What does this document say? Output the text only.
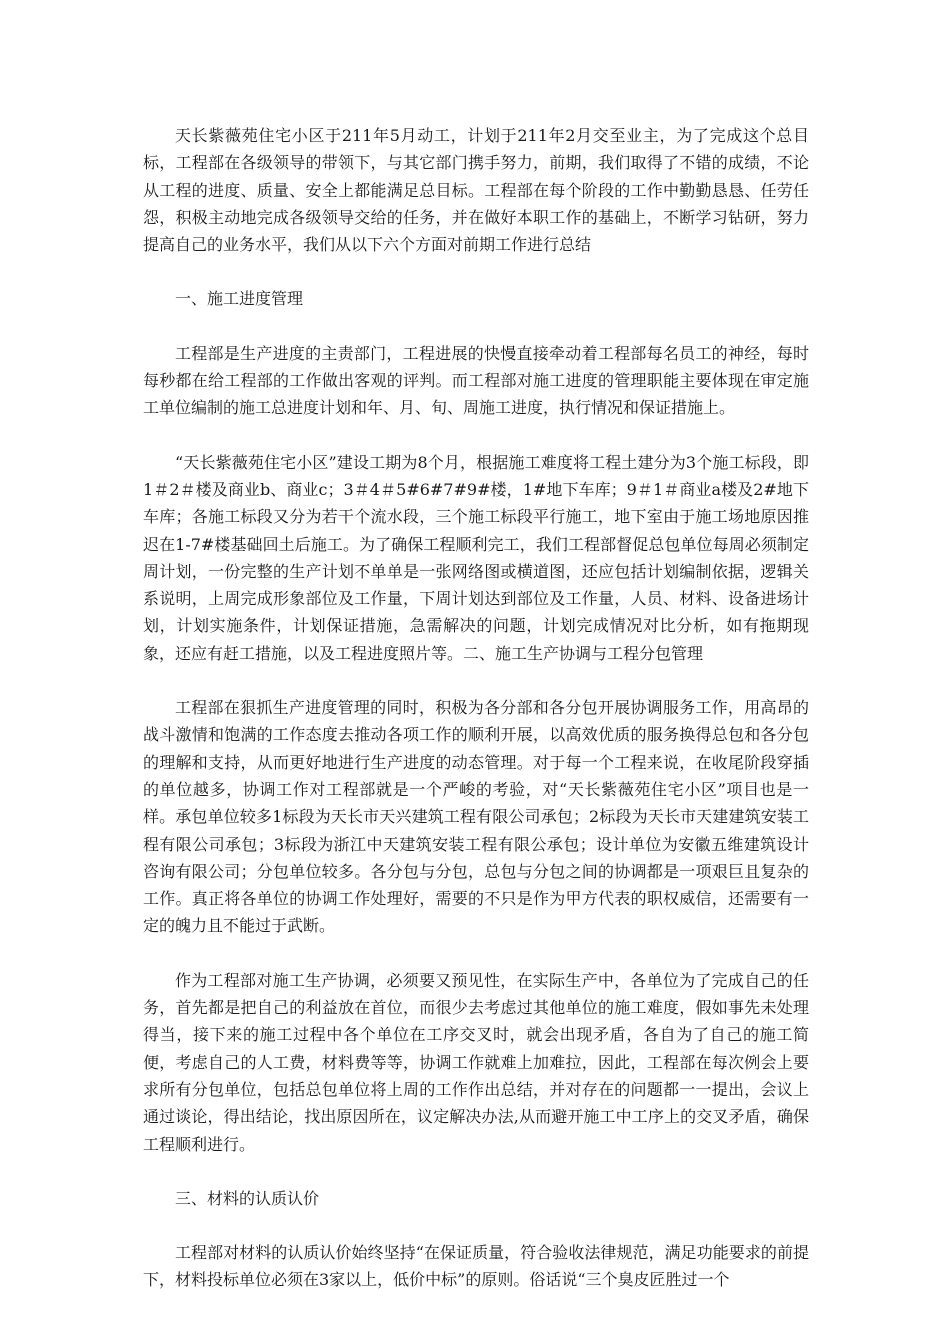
天长紫薇苑住宅小区于211年5月动工，计划于211年2月交至业主，为了完成这个总目标，工程部在各级领导的带领下，与其它部门携手努力，前期，我们取得了不错的成绩，不论从工程的进度、质量、安全上都能满足总目标。工程部在每个阶段的工作中勤勤恳恳、任劳任怨，积极主动地完成各级领导交给的任务，并在做好本职工作的基础上，不断学习钻研，努力提高自己的业务水平，我们从以下六个方面对前期工作进行总结

一、施工进度管理

工程部是生产进度的主责部门，工程进展的快慢直接牵动着工程部每名员工的神经，每时每秒都在给工程部的工作做出客观的评判。而工程部对施工进度的管理职能主要体现在审定施工单位编制的施工总进度计划和年、月、旬、周施工进度，执行情况和保证措施上。

“天长紫薇苑住宅小区”建设工期为8个月，根据施工难度将工程土建分为3个施工标段，即1＃2＃楼及商业b、商业c；3＃4＃5#6#7#9#楼，1#地下车库；9＃1＃商业a楼及2#地下车库；各施工标段又分为若干个流水段，三个施工标段平行施工，地下室由于施工场地原因推迟在1-7#楼基础回土后施工。为了确保工程顺利完工，我们工程部督促总包单位每周必须制定周计划，一份完整的生产计划不单单是一张网络图或横道图，还应包括计划编制依据，逻辑关系说明，上周完成形象部位及工作量，下周计划达到部位及工作量，人员、材料、设备进场计划，计划实施条件，计划保证措施，急需解决的问题，计划完成情况对比分析，如有拖期现象，还应有赶工措施，以及工程进度照片等。二、施工生产协调与工程分包管理

工程部在狠抓生产进度管理的同时，积极为各分部和各分包开展协调服务工作，用高昂的战斗激情和饱满的工作态度去推动各项工作的顺利开展，以高效优质的服务换得总包和各分包的理解和支持，从而更好地进行生产进度的动态管理。对于每一个工程来说，在收尾阶段穿插的单位越多，协调工作对工程部就是一个严峻的考验，对“天长紫薇苑住宅小区”项目也是一样。承包单位较多1标段为天长市天兴建筑工程有限公司承包；2标段为天长市天建建筑安装工程有限公司承包；3标段为浙江中天建筑安装工程有限公承包；设计单位为安徽五维建筑设计咨询有限公司；分包单位较多。各分包与分包，总包与分包之间的协调都是一项艰巨且复杂的工作。真正将各单位的协调工作处理好，需要的不只是作为甲方代表的职权威信，还需要有一定的魄力且不能过于武断。

作为工程部对施工生产协调，必须要又预见性，在实际生产中，各单位为了完成自己的任务，首先都是把自己的利益放在首位，而很少去考虑过其他单位的施工难度，假如事先未处理得当，接下来的施工过程中各个单位在工序交叉时，就会出现矛盾，各自为了自己的施工简便，考虑自己的人工费，材料费等等，协调工作就难上加难拉，因此，工程部在每次例会上要求所有分包单位，包括总包单位将上周的工作作出总结，并对存在的问题都一一提出，会议上通过谈论，得出结论，找出原因所在，议定解决办法,从而避开施工中工序上的交叉矛盾，确保工程顺利进行。

三、材料的认质认价

工程部对材料的认质认价始终坚持“在保证质量，符合验收法律规范，满足功能要求的前提下，材料投标单位必须在3家以上，低价中标”的原则。俗话说“三个臭皮匠胜过一个
